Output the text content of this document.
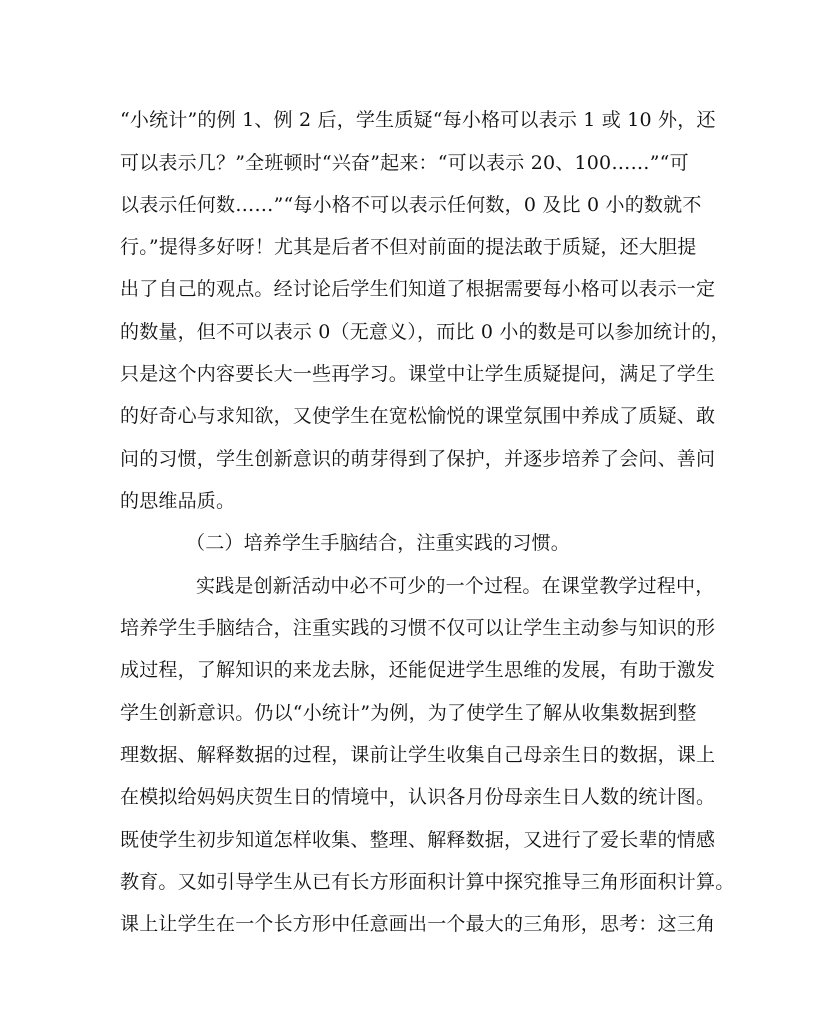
“小统计”的例 1、例 2 后，学生质疑“每小格可以表示 1 或 10 外，还
可以表示几？”全班顿时“兴奋”起来：“可以表示 20、100……”“可
以表示任何数……”“每小格不可以表示任何数，0 及比 0 小的数就不
行。”提得多好呀！尤其是后者不但对前面的提法敢于质疑，还大胆提
出了自己的观点。经讨论后学生们知道了根据需要每小格可以表示一定
的数量，但不可以表示 0（无意义），而比 0 小的数是可以参加统计的，
只是这个内容要长大一些再学习。课堂中让学生质疑提问，满足了学生
的好奇心与求知欲，又使学生在宽松愉悦的课堂氛围中养成了质疑、敢
问的习惯，学生创新意识的萌芽得到了保护，并逐步培养了会问、善问
的思维品质。
（二）培养学生手脑结合，注重实践的习惯。
实践是创新活动中必不可少的一个过程。在课堂教学过程中，
培养学生手脑结合，注重实践的习惯不仅可以让学生主动参与知识的形
成过程，了解知识的来龙去脉，还能促进学生思维的发展，有助于激发
学生创新意识。仍以“小统计”为例，为了使学生了解从收集数据到整
理数据、解释数据的过程，课前让学生收集自己母亲生日的数据，课上
在模拟给妈妈庆贺生日的情境中，认识各月份母亲生日人数的统计图。
既使学生初步知道怎样收集、整理、解释数据，又进行了爱长辈的情感
教育。又如引导学生从已有长方形面积计算中探究推导三角形面积计算。
课上让学生在一个长方形中任意画出一个最大的三角形，思考：这三角
